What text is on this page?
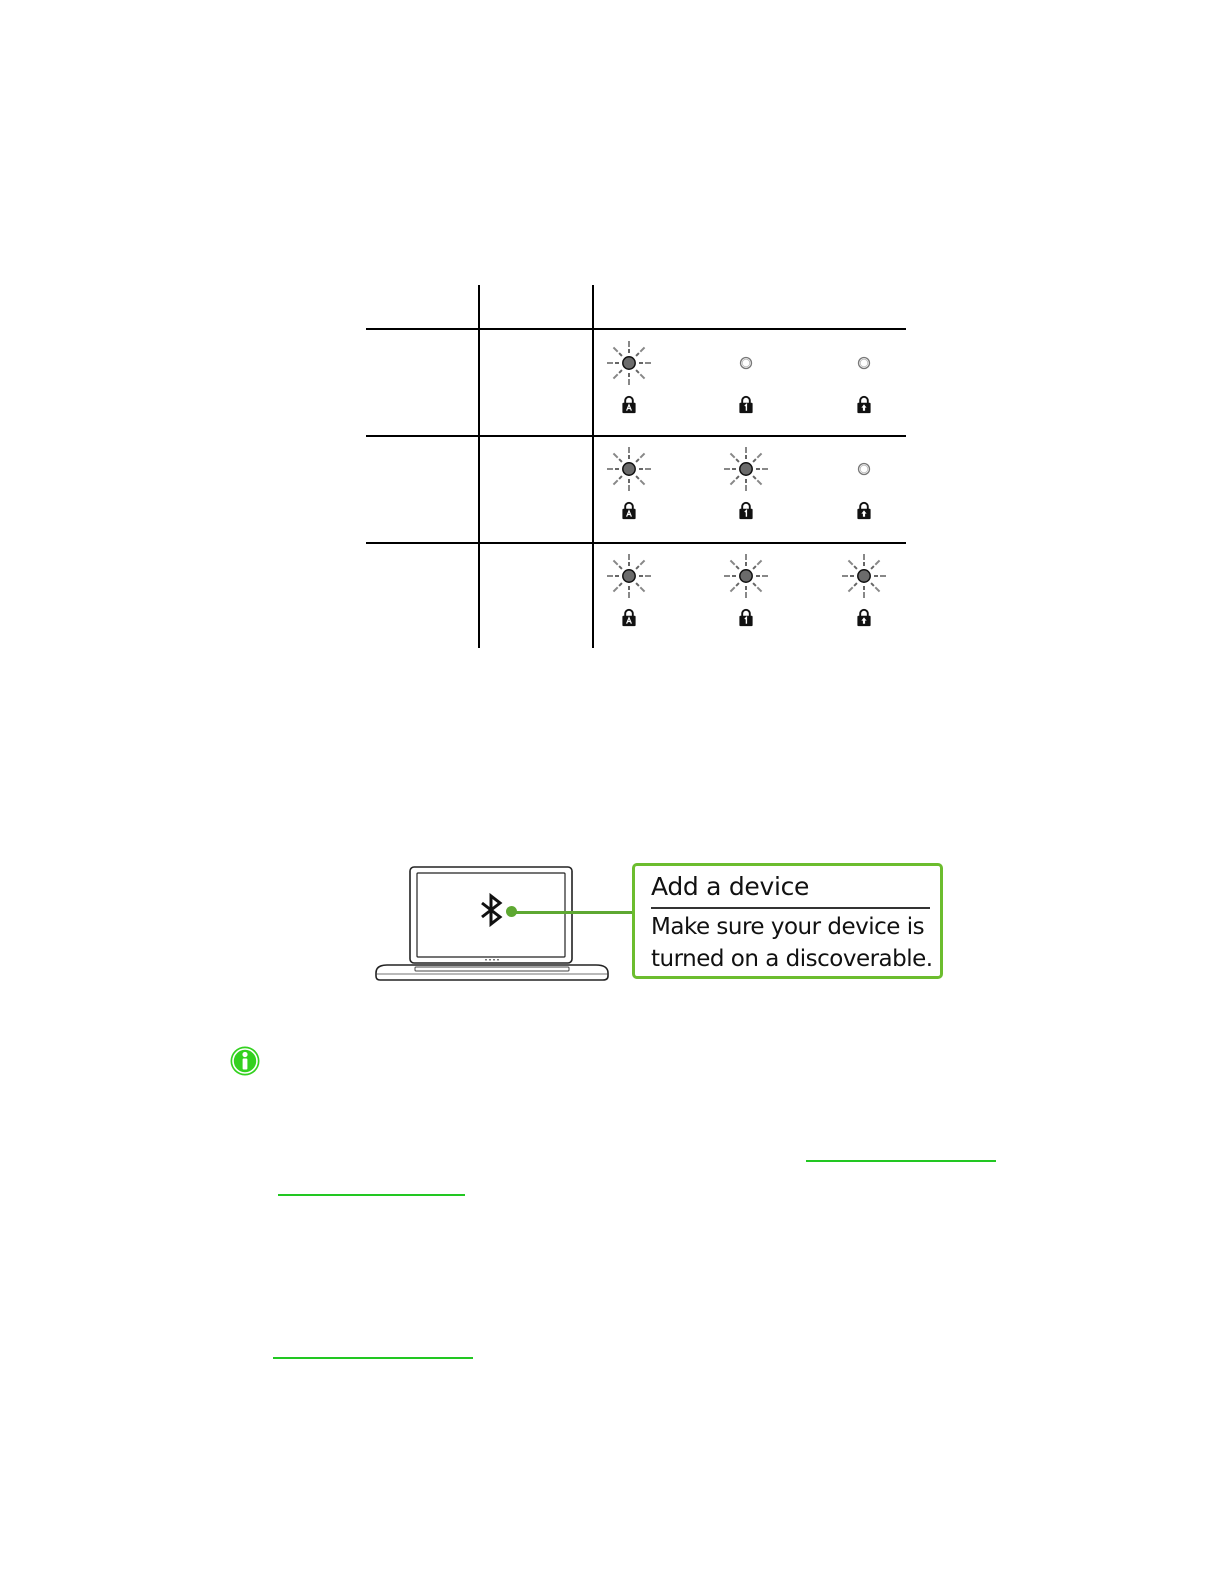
Add a device
Make sure your device is
turned on a discoverable.
